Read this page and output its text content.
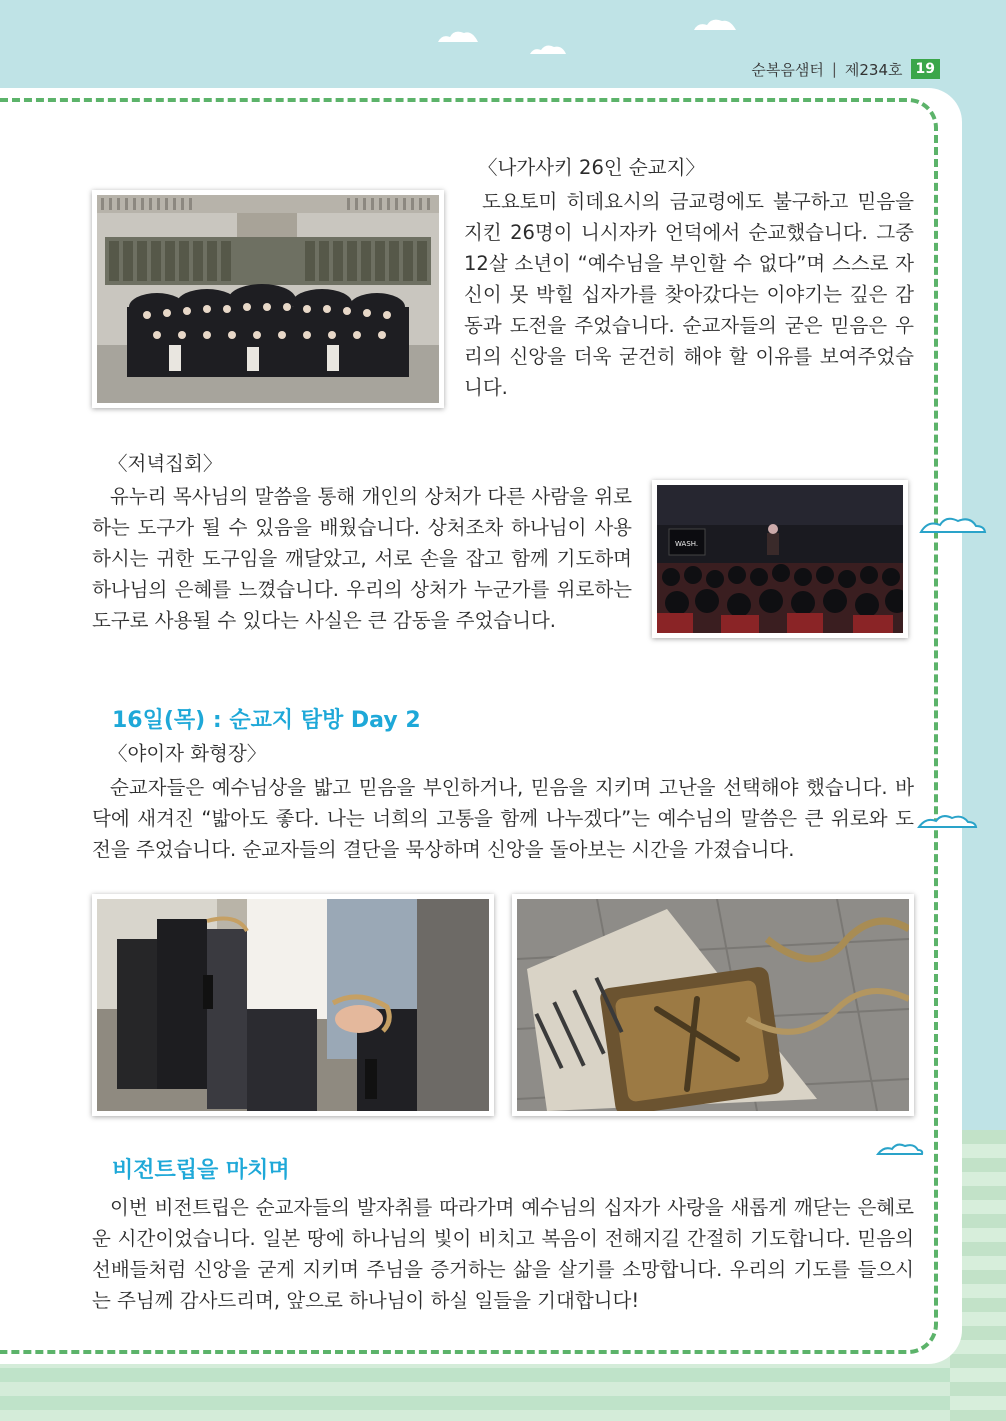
순복음샘터 | 제234호 19
〈나가사키 26인 순교지〉

도요토미 히데요시의 금교령에도 불구하고 믿음을 지킨 26명이 니시자카 언덕에서 순교했습니다. 그중 12살 소년이 “예수님을 부인할 수 없다”며 스스로 자신이 못 박힐 십자가를 찾아갔다는 이야기는 깊은 감동과 도전을 주었습니다. 순교자들의 굳은 믿음은 우리의 신앙을 더욱 굳건히 해야 할 이유를 보여주었습니다.

〈저녁집회〉

유누리 목사님의 말씀을 통해 개인의 상처가 다른 사람을 위로하는 도구가 될 수 있음을 배웠습니다. 상처조차 하나님이 사용하시는 귀한 도구임을 깨달았고, 서로 손을 잡고 함께 기도하며 하나님의 은혜를 느꼈습니다. 우리의 상처가 누군가를 위로하는 도구로 사용될 수 있다는 사실은 큰 감동을 주었습니다.

WASH.
16일(목) : 순교지 탐방 Day 2
〈야이자 화형장〉

순교자들은 예수님상을 밟고 믿음을 부인하거나, 믿음을 지키며 고난을 선택해야 했습니다. 바닥에 새겨진 “밟아도 좋다. 나는 너희의 고통을 함께 나누겠다”는 예수님의 말씀은 큰 위로와 도전을 주었습니다. 순교자들의 결단을 묵상하며 신앙을 돌아보는 시간을 가졌습니다.

비전트립을 마치며

이번 비전트립은 순교자들의 발자취를 따라가며 예수님의 십자가 사랑을 새롭게 깨닫는 은혜로운 시간이었습니다. 일본 땅에 하나님의 빛이 비치고 복음이 전해지길 간절히 기도합니다. 믿음의 선배들처럼 신앙을 굳게 지키며 주님을 증거하는 삶을 살기를 소망합니다. 우리의 기도를 들으시는 주님께 감사드리며, 앞으로 하나님이 하실 일들을 기대합니다!
